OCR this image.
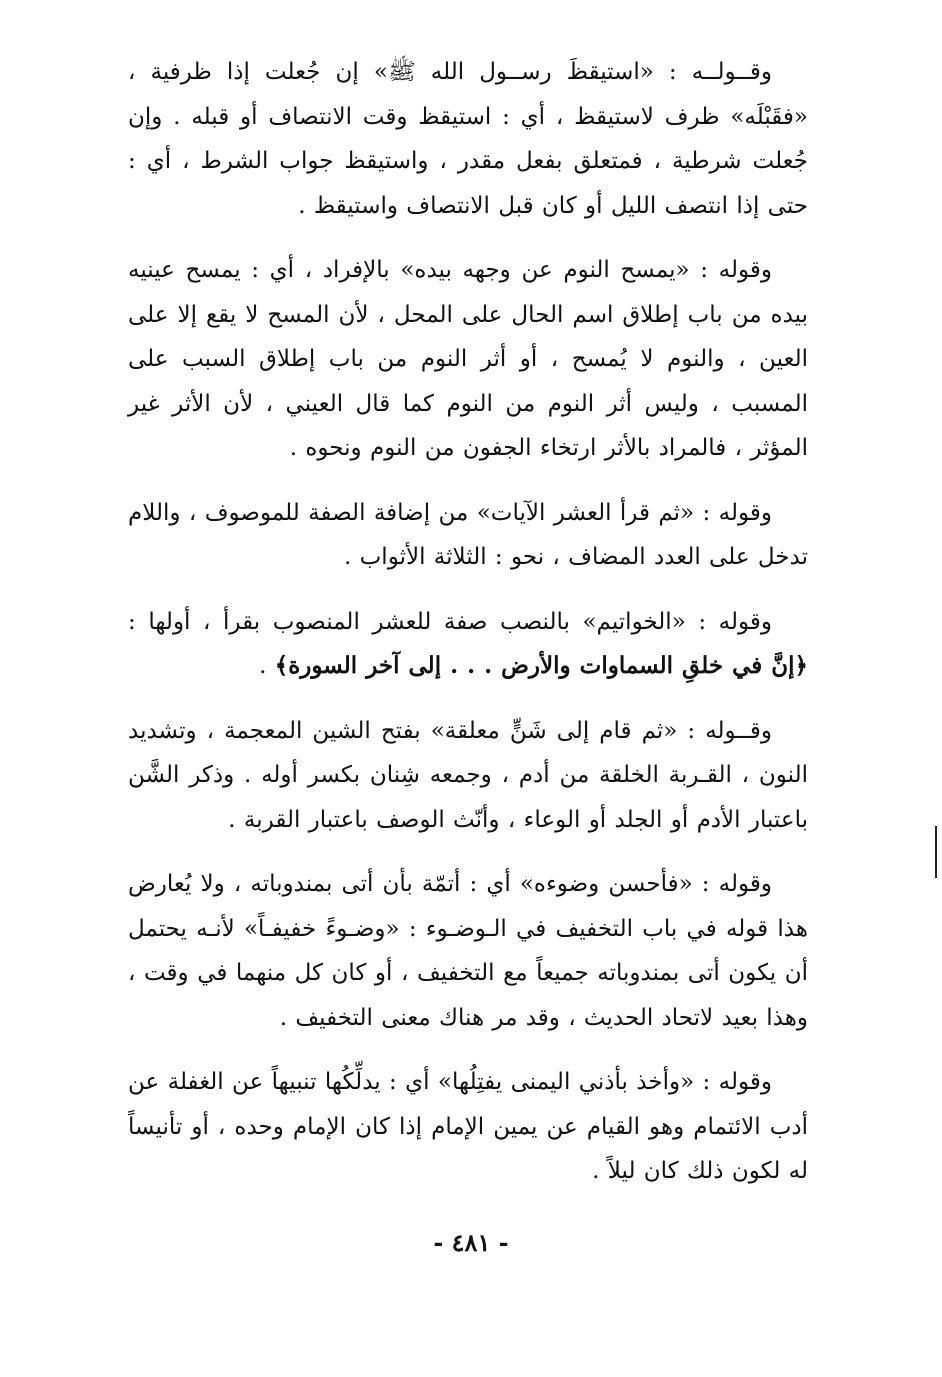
وقــولــه : «استيقظَ رســول الله ﷺ» إن جُعلت إذا ظرفية ، «فقَبْلَه» ظرف لاستيقظ ، أي : استيقظ وقت الانتصاف أو قبله . وإن جُعلت شرطية ، فمتعلق بفعل مقدر ، واستيقظ جواب الشرط ، أي : حتى إذا انتصف الليل أو كان قبل الانتصاف واستيقظ .

وقوله : «يمسح النوم عن وجهه بيده» بالإفراد ، أي : يمسح عينيه بيده من باب إطلاق اسم الحال على المحل ، لأن المسح لا يقع إلا على العين ، والنوم لا يُمسح ، أو أثر النوم من باب إطلاق السبب على المسبب ، وليس أثر النوم من النوم كما قال العيني ، لأن الأثر غير المؤثر ، فالمراد بالأثر ارتخاء الجفون من النوم ونحوه .

وقوله : «ثم قرأ العشر الآيات» من إضافة الصفة للموصوف ، واللام تدخل على العدد المضاف ، نحو : الثلاثة الأثواب .

وقوله : «الخواتيم» بالنصب صفة للعشر المنصوب بقرأ ، أولها : ﴿إنَّ في خلقِ السماوات والأرض . . . إلى آخر السورة﴾ .

وقــوله : «ثم قام إلى شَنٍّ معلقة» بفتح الشين المعجمة ، وتشديد النون ، القـربة الخلقة من أدم ، وجمعه شِنان بكسر أوله . وذكر الشَّن باعتبار الأدم أو الجلد أو الوعاء ، وأنّث الوصف باعتبار القربة .

وقوله : «فأحسن وضوءه» أي : أتمّة بأن أتى بمندوباته ، ولا يُعارض هذا قوله في باب التخفيف في الـوضـوء : «وضـوءً خفيفـاً» لأنـه يحتمل أن يكون أتى بمندوباته جميعاً مع التخفيف ، أو كان كل منهما في وقت ، وهذا بعيد لاتحاد الحديث ، وقد مر هناك معنى التخفيف .

وقوله : «وأخذ بأذني اليمنى يفتِلُها» أي : يدلِّكُها تنبيهاً عن الغفلة عن أدب الائتمام وهو القيام عن يمين الإمام إذا كان الإمام وحده ، أو تأنيساً له لكون ذلك كان ليلاً .

- ٤٨١ -
